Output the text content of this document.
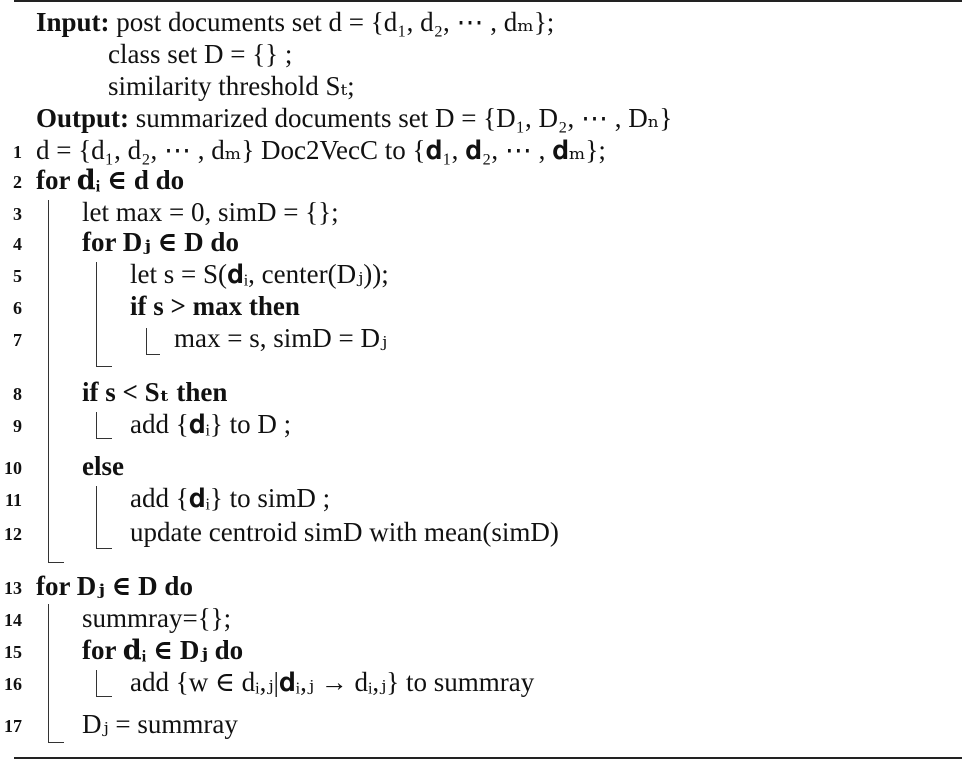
Input: post documents set d = {d₁, d₂, ⋯ , dₘ};
class set D = {} ;
similarity threshold Sₜ;
Output: summarized documents set D = {D₁, D₂, ⋯ , Dₙ}
1 d = {d₁, d₂, ⋯ , dₘ} Doc2VecC to {𝐝₁, 𝐝₂, ⋯ , 𝐝ₘ};
2 for 𝐝ᵢ ∈ d do
3 let max = 0, simD = {};
4 for Dⱼ ∈ D do
5	let s = S(𝐝ᵢ, center(Dⱼ));
6	if s > max then
7	max = s, simD = Dⱼ
8 if s < Sₜ then
9	add {𝐝ᵢ} to D ;
10 else
11	add {𝐝ᵢ} to simD ;
12	update centroid simD with mean(simD)
13 for Dⱼ ∈ D do
14 summray={};
15 for 𝐝ᵢ ∈ Dⱼ do
16	add {w ∈ dᵢ,ⱼ|𝐝ᵢ,ⱼ → dᵢ,ⱼ} to summray
17 Dⱼ = summray
